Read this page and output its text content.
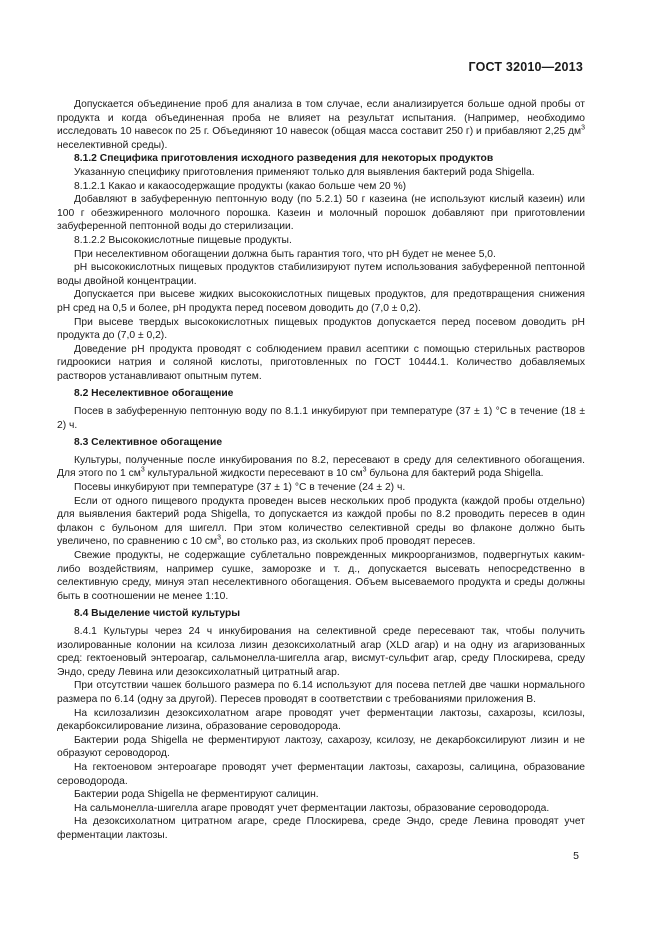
ГОСТ 32010—2013

Допускается объединение проб для анализа в том случае, если анализируется больше одной пробы от продукта и когда объединенная проба не влияет на результат испытания. (Например, необходимо исследовать 10 навесок по 25 г. Объединяют 10 навесок (общая масса составит 250 г) и прибавляют 2,25 $дм^3$ неселективной среды).

8.1.2 Специфика приготовления исходного разведения для некоторых продуктов

Указанную специфику приготовления применяют только для выявления бактерий рода Shigella.

8.1.2.1 Какао и какаосодержащие продукты (какао больше чем 20 %)

Добавляют в забуференную пептонную воду (по 5.2.1) 50 г казеина (не используют кислый казеин) или 100 г обезжиренного молочного порошка. Казеин и молочный порошок добавляют при приготовлении забуференной пептонной воды до стерилизации.

8.1.2.2 Высококислотные пищевые продукты.

При неселективном обогащении должна быть гарантия того, что pH будет не менее 5,0.

pH высококислотных пищевых продуктов стабилизируют путем использования забуференной пептонной воды двойной концентрации.

Допускается при высеве жидких высококислотных пищевых продуктов, для предотвращения снижения pH сред на 0,5 и более, pH продукта перед посевом доводить до (7,0 ± 0,2).

При высеве твердых высококислотных пищевых продуктов допускается перед посевом доводить pH продукта до (7,0 ± 0,2).

Доведение pH продукта проводят с соблюдением правил асептики с помощью стерильных растворов гидроокиси натрия и соляной кислоты, приготовленных по ГОСТ 10444.1. Количество добавляемых растворов устанавливают опытным путем.

8.2 Неселективное обогащение

Посев в забуференную пептонную воду по 8.1.1 инкубируют при температуре (37 ± 1) °С в течение (18 ± 2) ч.

8.3 Селективное обогащение

Культуры, полученные после инкубирования по 8.2, пересевают в среду для селективного обогащения. Для этого по 1 $см^3$ культуральной жидкости пересевают в 10 $см^3$ бульона для бактерий рода Shigella.

Посевы инкубируют при температуре (37 ± 1) °С в течение (24 ± 2) ч.

Если от одного пищевого продукта проведен высев нескольких проб продукта (каждой пробы отдельно) для выявления бактерий рода Shigella, то допускается из каждой пробы по 8.2 проводить пересев в один флакон с бульоном для шигелл. При этом количество селективной среды во флаконе должно быть увеличено, по сравнению с 10 $см^3$, во столько раз, из скольких проб проводят пересев.

Свежие продукты, не содержащие сублетально поврежденных микроорганизмов, подвергнутых каким-либо воздействиям, например сушке, заморозке и т. д., допускается высевать непосредственно в селективную среду, минуя этап неселективного обогащения. Объем высеваемого продукта и среды должны быть в соотношении не менее 1:10.

8.4 Выделение чистой культуры

8.4.1 Культуры через 24 ч инкубирования на селективной среде пересевают так, чтобы получить изолированные колонии на ксилоза лизин дезоксихолатный агар (XLD агар) и на одну из агаризованных сред: гектоеновый энтероагар, сальмонелла-шигелла агар, висмут-сульфит агар, среду Плоскирева, среду Эндо, среду Левина или дезоксихолатный цитратный агар.

При отсутствии чашек большого размера по 6.14 используют для посева петлей две чашки нормального размера по 6.14 (одну за другой). Пересев проводят в соответствии с требованиями приложения В.

На ксилозализин дезоксихолатном агаре проводят учет ферментации лактозы, сахарозы, ксилозы, декарбоксилирование лизина, образование сероводорода.

Бактерии рода Shigella не ферментируют лактозу, сахарозу, ксилозу, не декарбоксилируют лизин и не образуют сероводород.

На гектоеновом энтероагаре проводят учет ферментации лактозы, сахарозы, салицина, образование сероводорода.

Бактерии рода Shigella не ферментируют салицин.

На сальмонелла-шигелла агаре проводят учет ферментации лактозы, образование сероводорода.

На дезоксихолатном цитратном агаре, среде Плоскирева, среде Эндо, среде Левина проводят учет ферментации лактозы.

5
